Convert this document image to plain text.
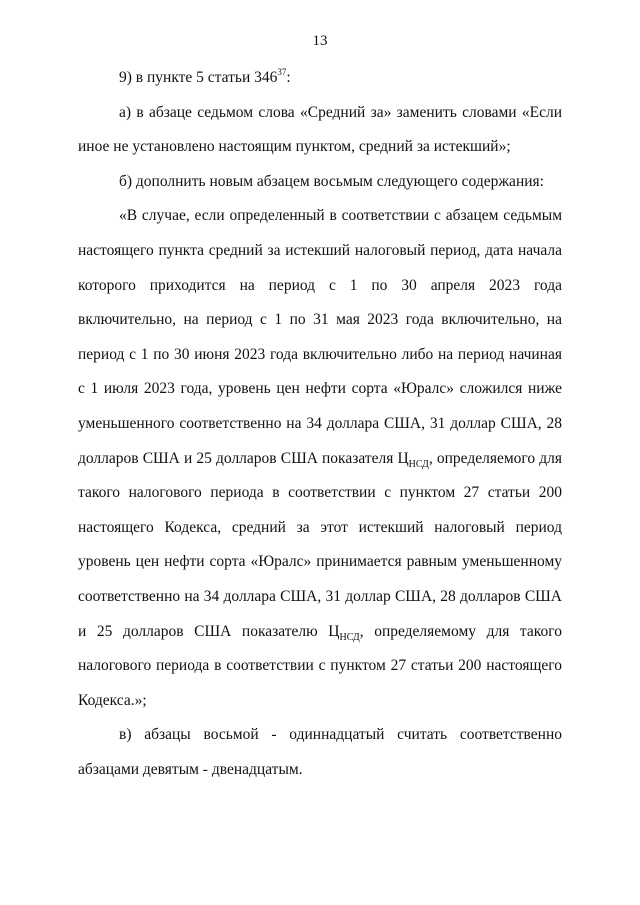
13

9) в пункте 5 статьи $346^{37}$:

а) в абзаце седьмом слова «Средний за» заменить словами «Если иное не установлено настоящим пунктом, средний за истекший»;

б) дополнить новым абзацем восьмым следующего содержания:

«В случае, если определенный в соответствии с абзацем седьмым настоящего пункта средний за истекший налоговый период, дата начала которого приходится на период с 1 по 30 апреля 2023 года включительно, на период с 1 по 31 мая 2023 года включительно, на период с 1 по 30 июня 2023 года включительно либо на период начиная с 1 июля 2023 года, уровень цен нефти сорта «Юралс» сложился ниже уменьшенного соответственно на 34 доллара США, 31 доллар США, 28 долларов США и 25 долларов США показателя $Ц_{НСД}$, определяемого для такого налогового периода в соответствии с пунктом 27 статьи 200 настоящего Кодекса, средний за этот истекший налоговый период уровень цен нефти сорта «Юралс» принимается равным уменьшенному соответственно на 34 доллара США, 31 доллар США, 28 долларов США и 25 долларов США показателю $Ц_{НСД}$, определяемому для такого налогового периода в соответствии с пунктом 27 статьи 200 настоящего Кодекса.»;

в) абзацы восьмой - одиннадцатый считать соответственно абзацами девятым - двенадцатым.
